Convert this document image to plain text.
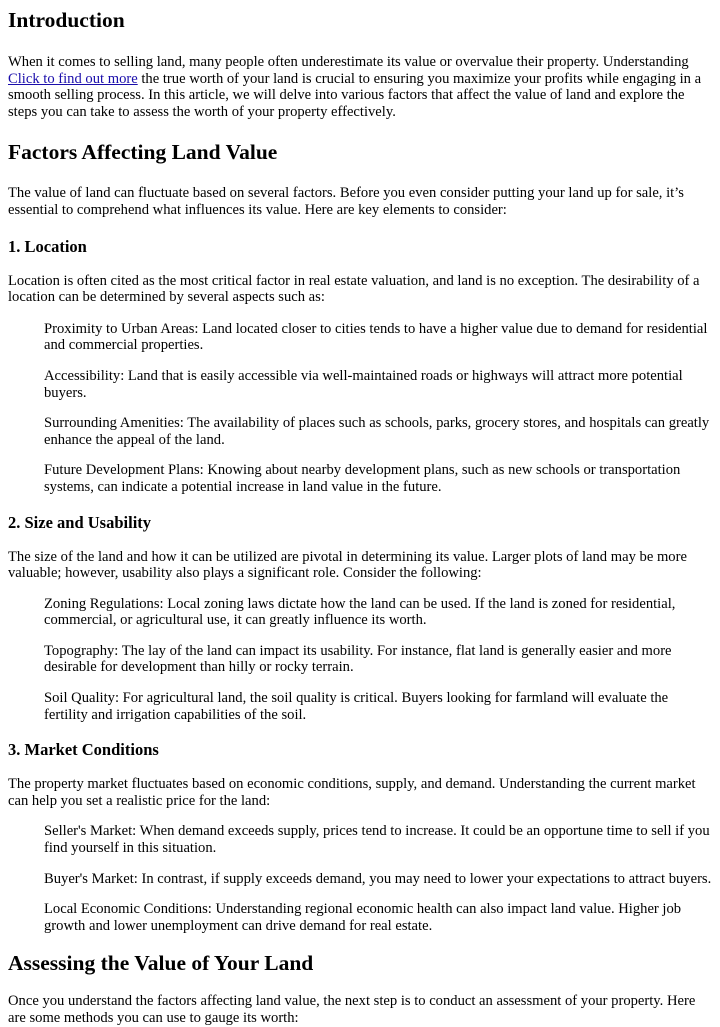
Introduction

When it comes to selling land, many people often underestimate its value or overvalue their property. Understanding
Click to find out more the true worth of your land is crucial to ensuring you maximize your profits while engaging in a smooth selling process. In this article, we will delve into various factors that affect the value of land and explore the steps you can take to assess the worth of your property effectively.

Factors Affecting Land Value

The value of land can fluctuate based on several factors. Before you even consider putting your land up for sale, it’s essential to comprehend what influences its value. Here are key elements to consider:

1. Location

Location is often cited as the most critical factor in real estate valuation, and land is no exception. The desirability of a location can be determined by several aspects such as:

Proximity to Urban Areas: Land located closer to cities tends to have a higher value due to demand for residential and commercial properties.

Accessibility: Land that is easily accessible via well-maintained roads or highways will attract more potential buyers.

Surrounding Amenities: The availability of places such as schools, parks, grocery stores, and hospitals can greatly enhance the appeal of the land.

Future Development Plans: Knowing about nearby development plans, such as new schools or transportation systems, can indicate a potential increase in land value in the future.

2. Size and Usability

The size of the land and how it can be utilized are pivotal in determining its value. Larger plots of land may be more valuable; however, usability also plays a significant role. Consider the following:

Zoning Regulations: Local zoning laws dictate how the land can be used. If the land is zoned for residential, commercial, or agricultural use, it can greatly influence its worth.

Topography: The lay of the land can impact its usability. For instance, flat land is generally easier and more desirable for development than hilly or rocky terrain.

Soil Quality: For agricultural land, the soil quality is critical. Buyers looking for farmland will evaluate the fertility and irrigation capabilities of the soil.

3. Market Conditions

The property market fluctuates based on economic conditions, supply, and demand. Understanding the current market can help you set a realistic price for the land:

Seller's Market: When demand exceeds supply, prices tend to increase. It could be an opportune time to sell if you find yourself in this situation.

Buyer's Market: In contrast, if supply exceeds demand, you may need to lower your expectations to attract buyers.

Local Economic Conditions: Understanding regional economic health can also impact land value. Higher job growth and lower unemployment can drive demand for real estate.

Assessing the Value of Your Land

Once you understand the factors affecting land value, the next step is to conduct an assessment of your property. Here are some methods you can use to gauge its worth:
